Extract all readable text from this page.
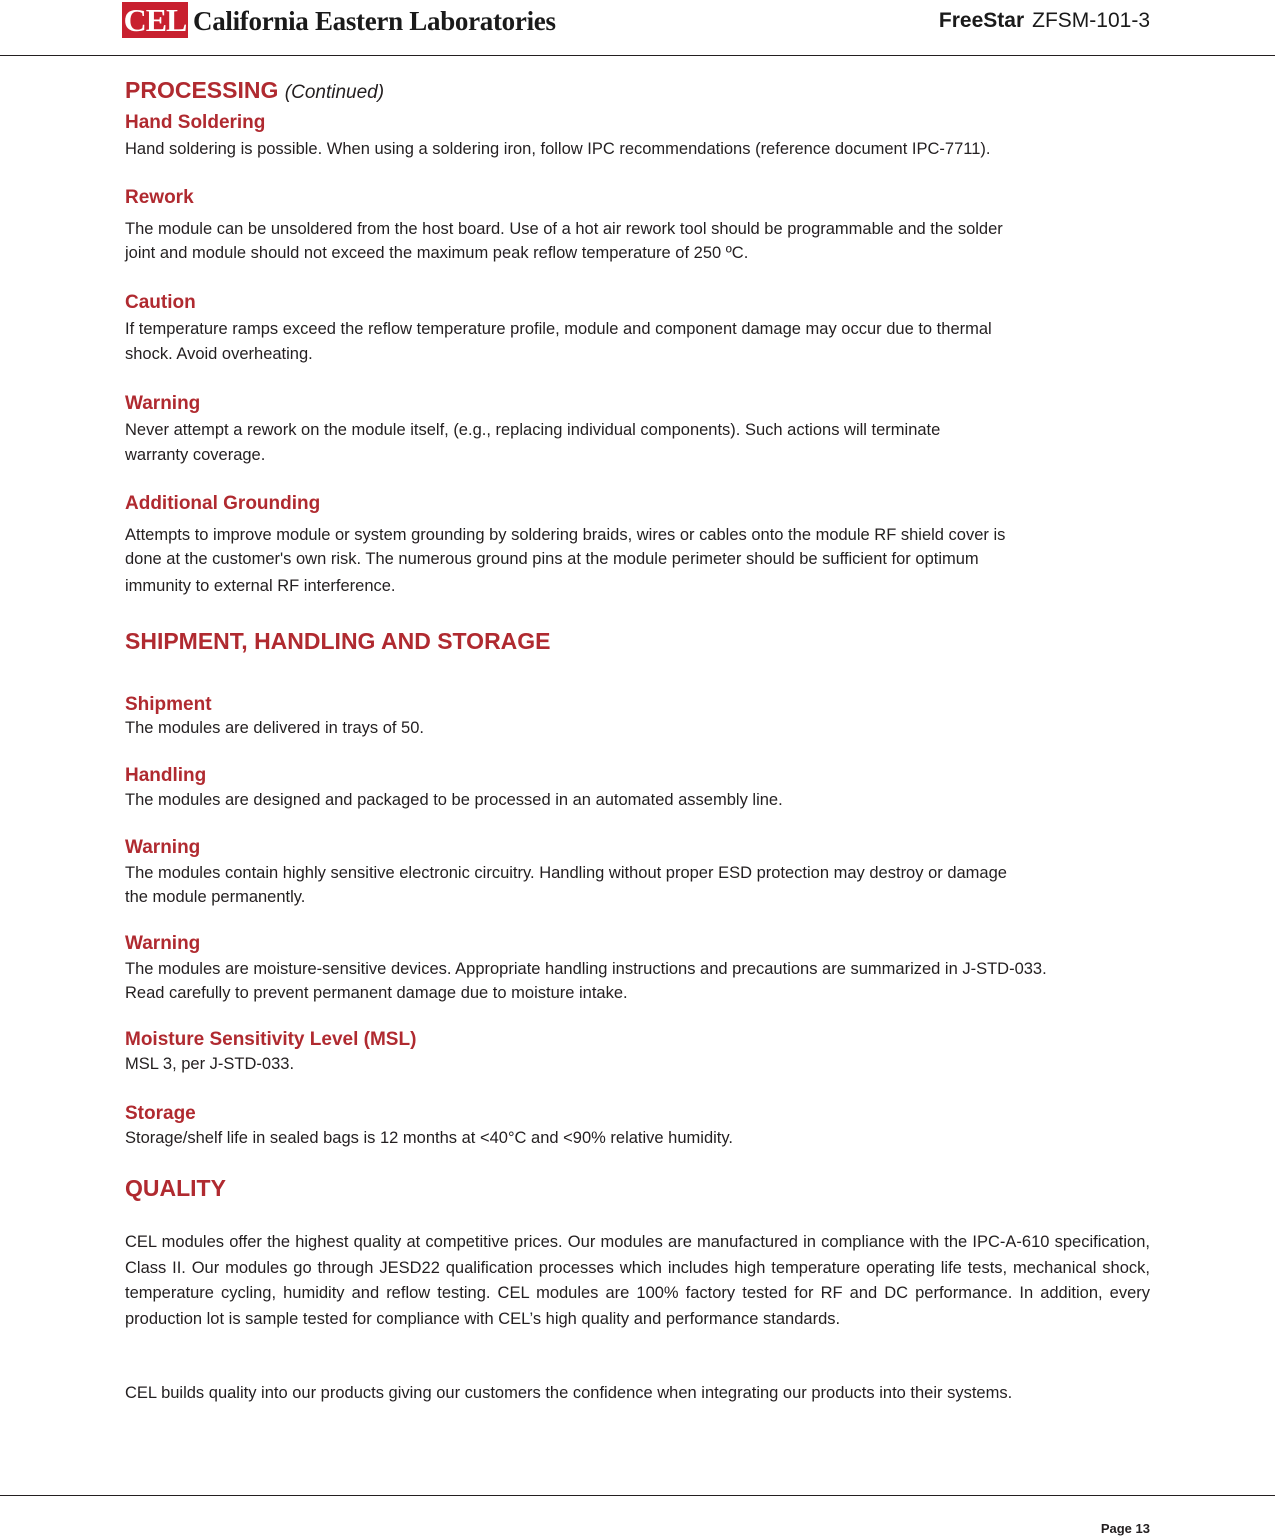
CEL California Eastern Laboratories	FreeStar ZFSM-101-3
PROCESSING (Continued)
Hand Soldering
Hand soldering is possible. When using a soldering iron, follow IPC recommendations (reference document IPC-7711).
Rework
The module can be unsoldered from the host board. Use of a hot air rework tool should be programmable and the solder
joint and module should not exceed the maximum peak reflow temperature of 250 ºC.
Caution
If temperature ramps exceed the reflow temperature profile, module and component damage may occur due to thermal
shock. Avoid overheating.
Warning
Never attempt a rework on the module itself, (e.g., replacing individual components). Such actions will terminate
warranty coverage.
Additional Grounding
Attempts to improve module or system grounding by soldering braids, wires or cables onto the module RF shield cover is
done at the customer's own risk. The numerous ground pins at the module perimeter should be sufficient for optimum
immunity to external RF interference.
SHIPMENT, HANDLING AND STORAGE
Shipment
The modules are delivered in trays of 50.
Handling
The modules are designed and packaged to be processed in an automated assembly line.
Warning
The modules contain highly sensitive electronic circuitry. Handling without proper ESD protection may destroy or damage
the module permanently.
Warning
The modules are moisture-sensitive devices. Appropriate handling instructions and precautions are summarized in J-STD-033.
Read carefully to prevent permanent damage due to moisture intake.
Moisture Sensitivity Level (MSL)
MSL 3, per J-STD-033.
Storage
Storage/shelf life in sealed bags is 12 months at <40°C and <90% relative humidity.
QUALITY
CEL modules offer the highest quality at competitive prices. Our modules are manufactured in compliance with the IPC-A-610 specification, Class II. Our modules go through JESD22 qualification processes which includes high temperature operating life tests, mechanical shock, temperature cycling, humidity and reflow testing. CEL modules are 100% factory tested for RF and DC performance. In addition, every production lot is sample tested for compliance with CEL’s high quality and performance standards.
CEL builds quality into our products giving our customers the confidence when integrating our products into their systems.
Page 13
